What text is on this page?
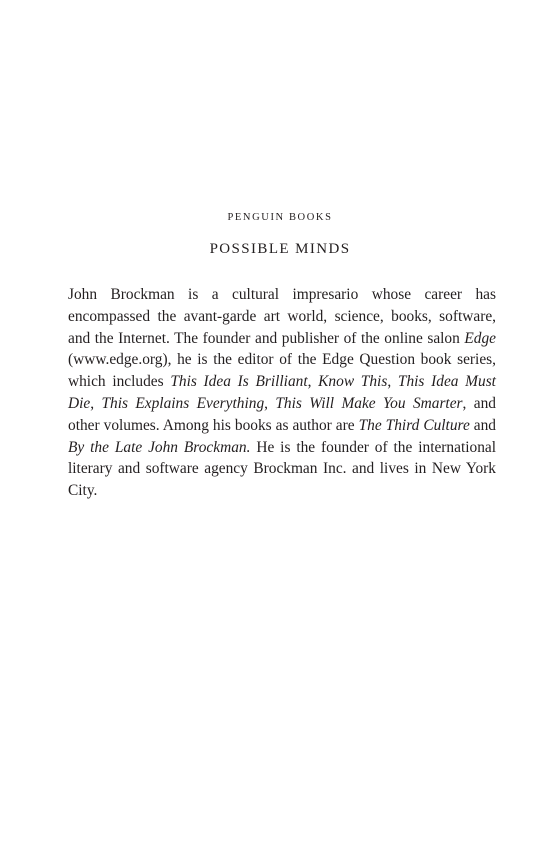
PENGUIN BOOKS
POSSIBLE MINDS

John Brockman is a cultural impresario whose career has encompassed the avant-garde art world, science, books, software, and the Internet. The founder and publisher of the online salon Edge (www.edge.org), he is the editor of the Edge Question book series, which includes This Idea Is Brilliant, Know This, This Idea Must Die, This Explains Everything, This Will Make You Smarter, and other volumes. Among his books as author are The Third Culture and By the Late John Brockman. He is the founder of the international literary and software agency Brockman Inc. and lives in New York City.
